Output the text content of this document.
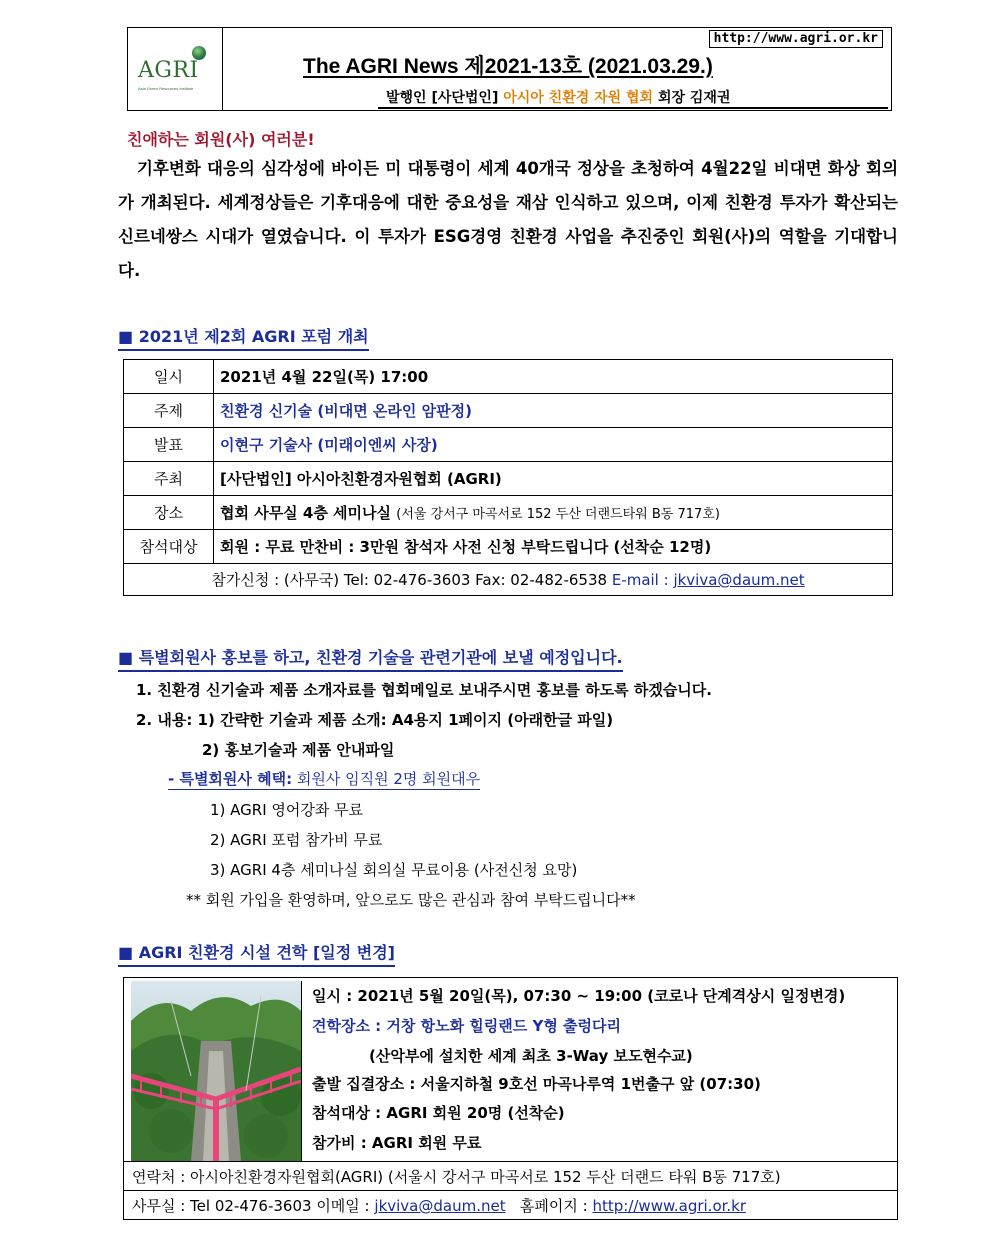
AGRI
Asia Green Resources Institute
http://www.agri.or.kr
The AGRI News 제2021-13호 (2021.03.29.)
발행인 [사단법인] 아시아 친환경 자원 협회 회장 김재권
친애하는 회원(사) 여러분!
기후변화 대응의 심각성에 바이든 미 대통령이 세계 40개국 정상을 초청하여 4월22일 비대면 화상 회의가 개최된다. 세계정상들은 기후대응에 대한 중요성을 재삼 인식하고 있으며, 이제 친환경 투자가 확산되는 신르네쌍스 시대가 열였습니다. 이 투자가 ESG경영 친환경 사업을 추진중인 회원(사)의 역할을 기대합니다.
■ 2021년 제2회 AGRI 포럼 개최
일시	2021년 4월 22일(목) 17:00
주제	친환경 신기술 (비대면 온라인 암판정)
발표	이현구 기술사 (미래이엔씨 사장)
주최	[사단법인] 아시아친환경자원협회 (AGRI)
장소	협회 사무실 4층 세미나실 (서울 강서구 마곡서로 152 두산 더랜드타워 B동 717호)
참석대상	회원 : 무료 만찬비 : 3만원 참석자 사전 신청 부탁드립니다 (선착순 12명)
참가신청 : (사무국) Tel: 02-476-3603 Fax: 02-482-6538 E-mail : jkviva@daum.net	
■ 특별회원사 홍보를 하고, 친환경 기술을 관련기관에 보낼 예정입니다.
1. 친환경 신기술과 제품 소개자료를 협회메일로 보내주시면 홍보를 하도록 하겠습니다.
2. 내용: 1) 간략한 기술과 제품 소개: A4용지 1페이지 (아래한글 파일)
2) 홍보기술과 제품 안내파일
- 특별회원사 혜택: 회원사 임직원 2명 회원대우
1) AGRI 영어강좌 무료
2) AGRI 포럼 참가비 무료
3) AGRI 4층 세미나실 회의실 무료이용 (사전신청 요망)
** 회원 가입을 환영하며, 앞으로도 많은 관심과 참여 부탁드립니다**
■ AGRI 친환경 시설 견학 [일정 변경]
일시 : 2021년 5월 20일(목), 07:30 ~ 19:00 (코로나 단계격상시 일정변경)
견학장소 : 거창 항노화 힐링랜드 Y형 출렁다리
(산악부에 설치한 세계 최초 3-Way 보도현수교)
출발 집결장소 : 서울지하철 9호선 마곡나루역 1번출구 앞 (07:30)
참석대상 : AGRI 회원 20명 (선착순)
참가비 : AGRI 회원 무료
연락처 : 아시아친환경자원협회(AGRI) (서울시 강서구 마곡서로 152 두산 더랜드 타워 B동 717호)
사무실 : Tel 02-476-3603 이메일 : jkviva@daum.net 홈페이지 : http://www.agri.or.kr
